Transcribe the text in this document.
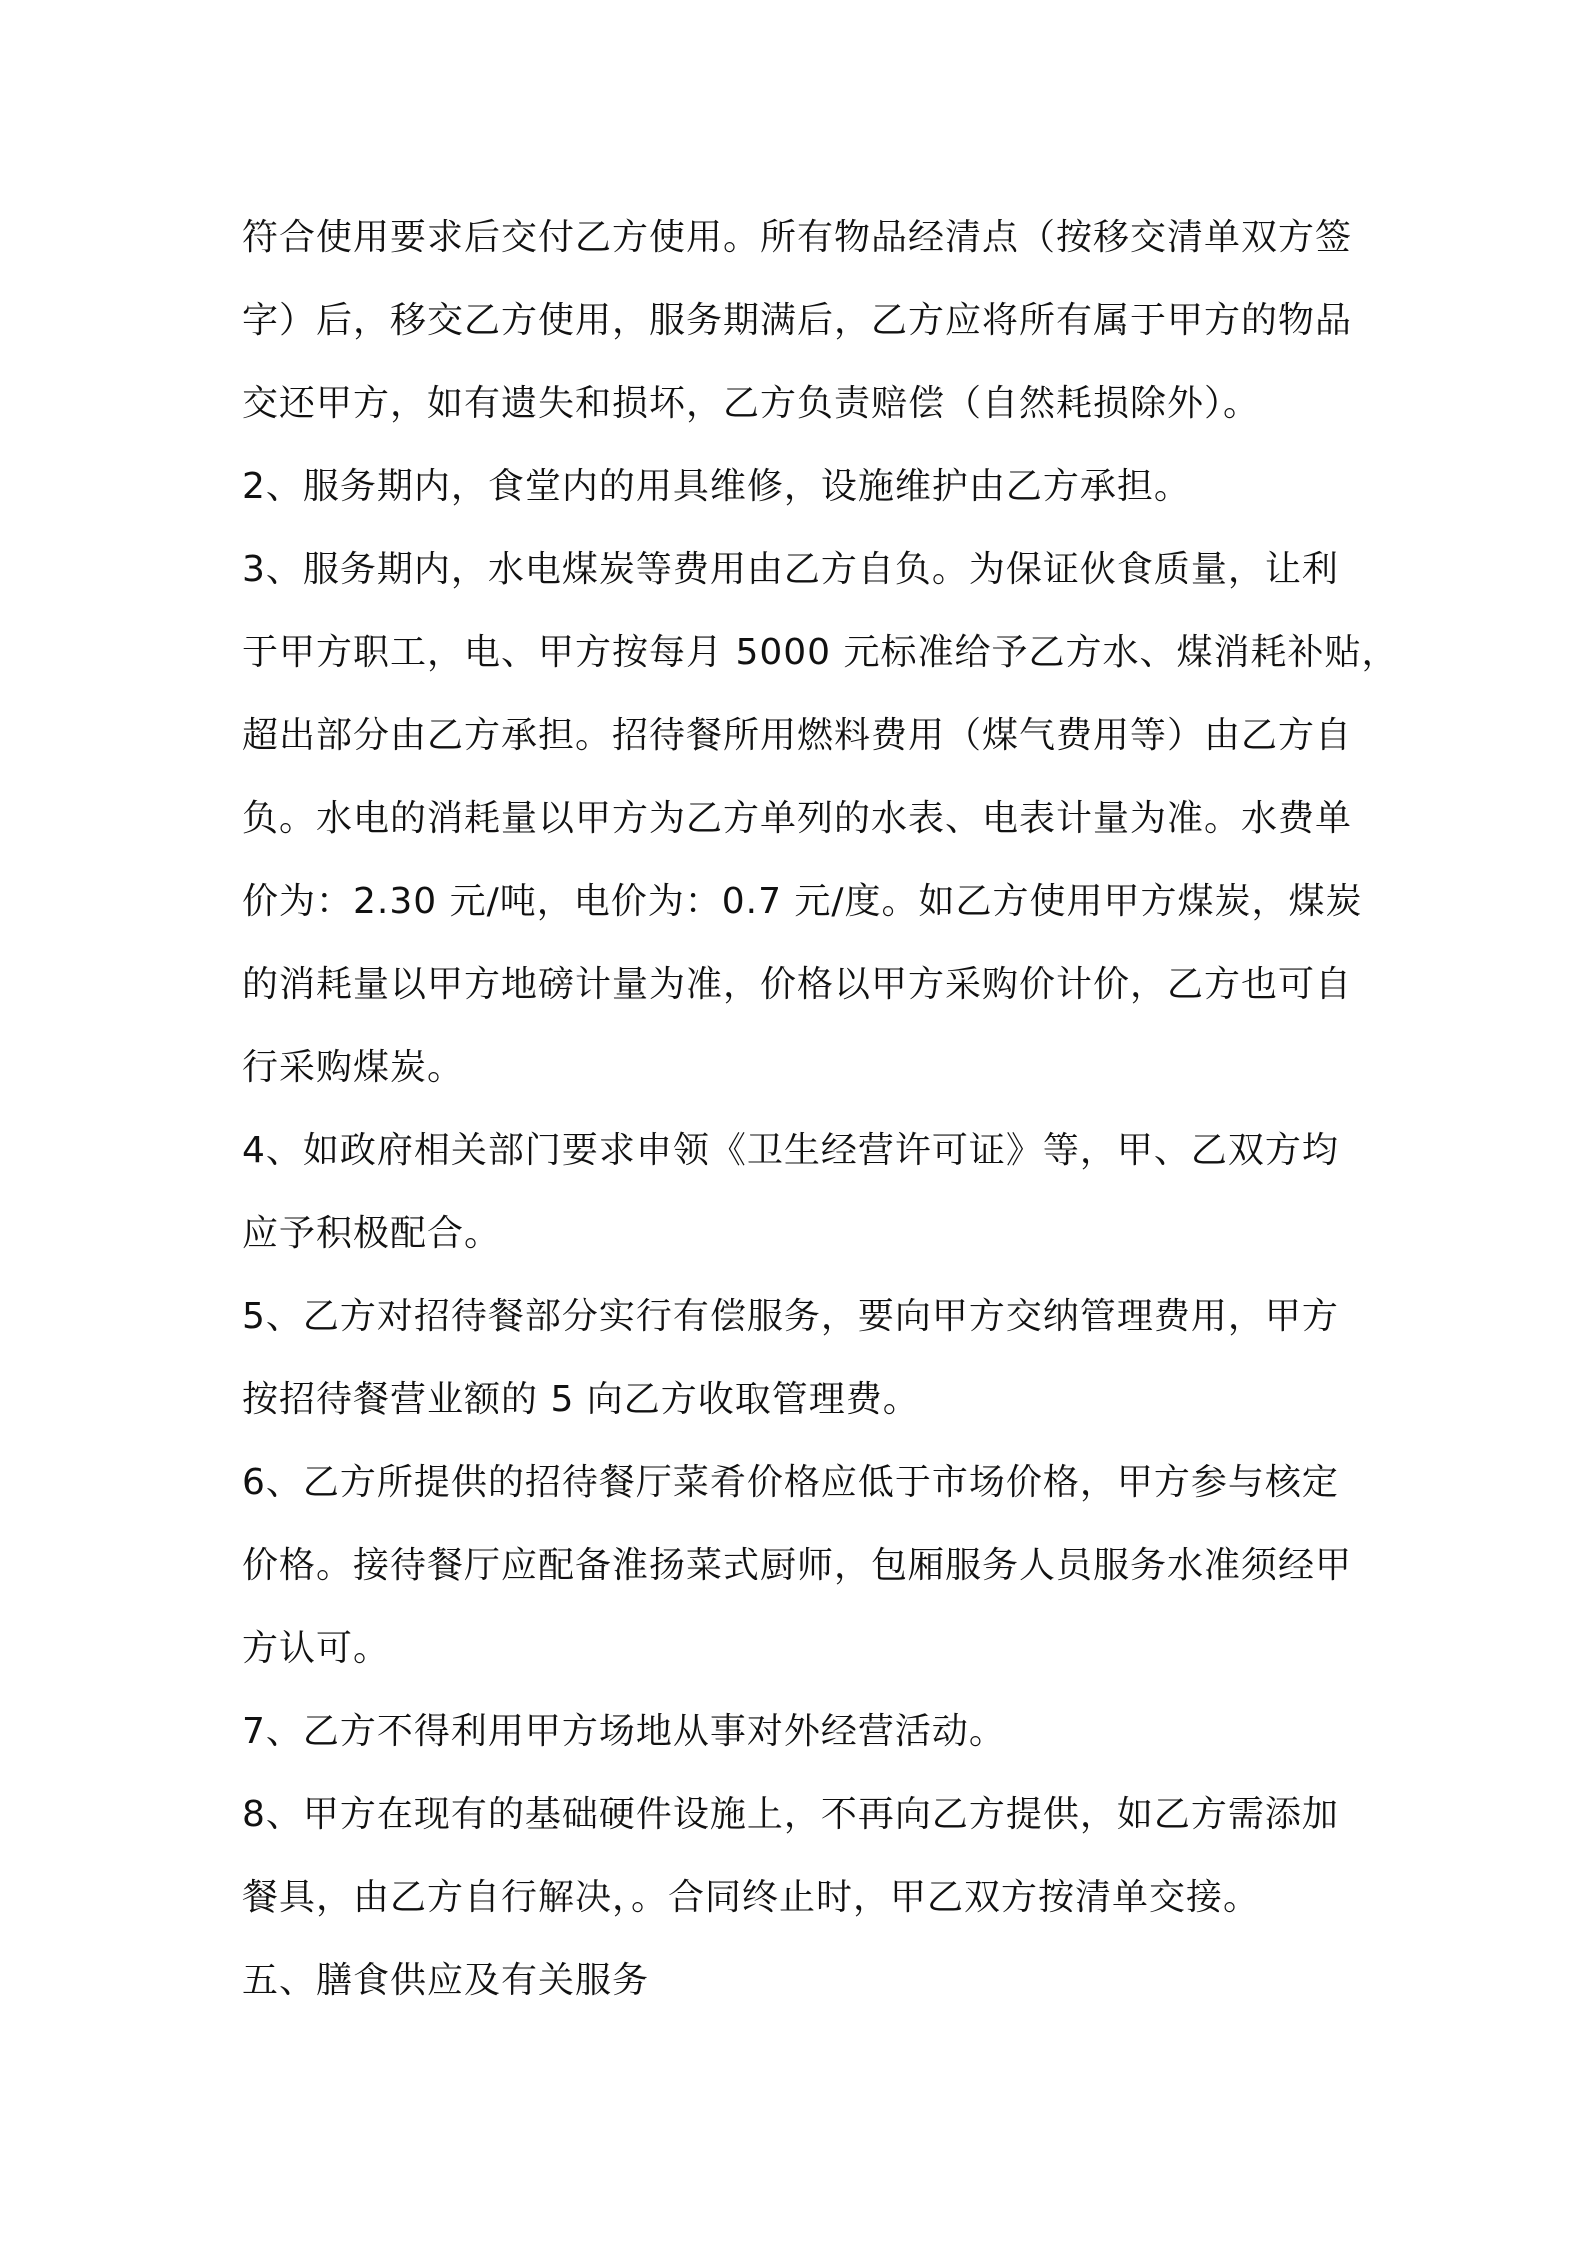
符合使用要求后交付乙方使用。所有物品经清点（按移交清单双方签
字）后，移交乙方使用，服务期满后，乙方应将所有属于甲方的物品
交还甲方，如有遗失和损坏，乙方负责赔偿（自然耗损除外）。
2、服务期内，食堂内的用具维修，设施维护由乙方承担。
3、服务期内，水电煤炭等费用由乙方自负。为保证伙食质量，让利
于甲方职工，电、甲方按每月 5000 元标准给予乙方水、煤消耗补贴，
超出部分由乙方承担。招待餐所用燃料费用（煤气费用等）由乙方自
负。水电的消耗量以甲方为乙方单列的水表、电表计量为准。水费单
价为：2.30 元/吨，电价为：0.7 元/度。如乙方使用甲方煤炭，煤炭
的消耗量以甲方地磅计量为准，价格以甲方采购价计价，乙方也可自
行采购煤炭。
4、如政府相关部门要求申领《卫生经营许可证》等，甲、乙双方均
应予积极配合。
5、乙方对招待餐部分实行有偿服务，要向甲方交纳管理费用，甲方
按招待餐营业额的 5 向乙方收取管理费。
6、乙方所提供的招待餐厅菜肴价格应低于市场价格，甲方参与核定
价格。接待餐厅应配备淮扬菜式厨师，包厢服务人员服务水准须经甲
方认可。
7、乙方不得利用甲方场地从事对外经营活动。
8、甲方在现有的基础硬件设施上，不再向乙方提供，如乙方需添加
餐具，由乙方自行解决，。合同终止时，甲乙双方按清单交接。
五、膳食供应及有关服务
